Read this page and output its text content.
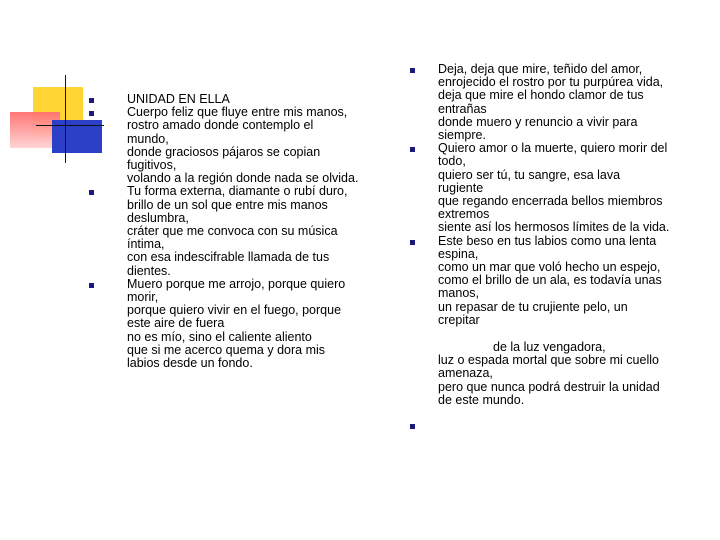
UNIDAD EN ELLA

Cuerpo feliz que fluye entre mis manos,

rostro amado donde contemplo el

mundo,

donde graciosos pájaros se copian

fugitivos,

volando a la región donde nada se olvida.

Tu forma externa, diamante o rubí duro,

brillo de un sol que entre mis manos

deslumbra,

cráter que me convoca con su música

íntima,

con esa indescifrable llamada de tus

dientes.

Muero porque me arrojo, porque quiero

morir,

porque quiero vivir en el fuego, porque

este aire de fuera

no es mío, sino el caliente aliento

que si me acerco quema y dora mis

labios desde un fondo.

Deja, deja que mire, teñido del amor,

enrojecido el rostro por tu purpúrea vida,

deja que mire el hondo clamor de tus

entrañas

donde muero y renuncio a vivir para

siempre.

Quiero amor o la muerte, quiero morir del

todo,

quiero ser tú, tu sangre, esa lava

rugiente

que regando encerrada bellos miembros

extremos

siente así los hermosos límites de la vida.

Este beso en tus labios como una lenta

espina,

como un mar que voló hecho un espejo,

como el brillo de un ala, es todavía unas

manos,

un repasar de tu crujiente pelo, un

crepitar

de la luz vengadora,

luz o espada mortal que sobre mi cuello

amenaza,

pero que nunca podrá destruir la unidad

de este mundo.
